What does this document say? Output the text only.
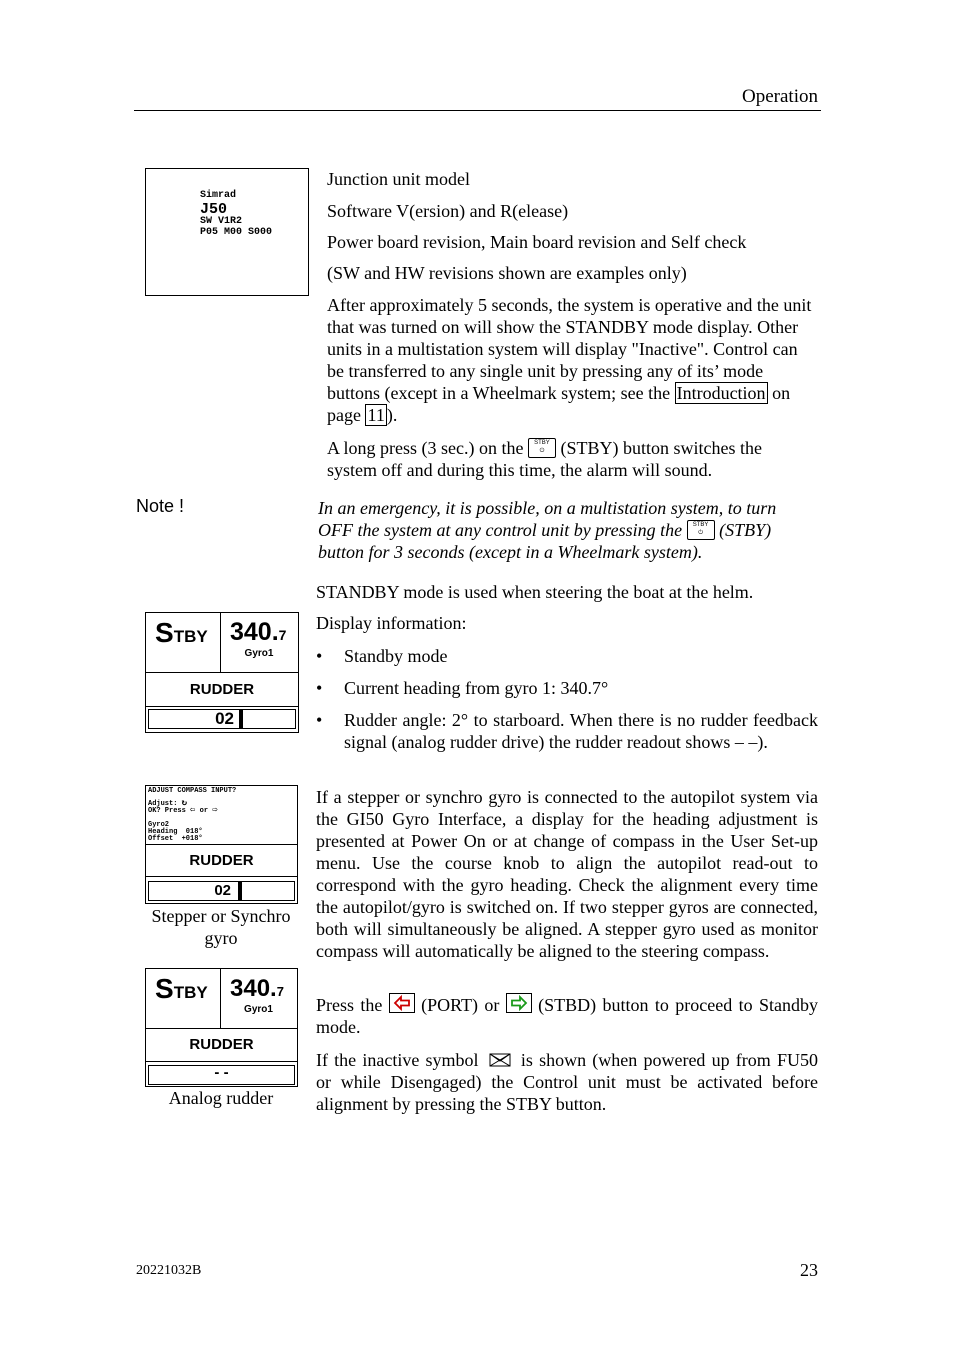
Operation
Simrad
J50
SW V1R2
P05 M00 S000

Junction unit model

Software V(ersion) and R(elease)

Power board revision, Main board revision and Self check

(SW and HW revisions shown are examples only)

After approximately 5 seconds, the system is operative and the unit that was turned on will show the STANDBY mode display. Other units in a multistation system will display "Inactive". Control can be transferred to any single unit by pressing any of its’ mode buttons (except in a Wheelmark system; see the Introduction on page 11 ).

A long press (3 sec.) on the STBY
⏻ (STBY) button switches the system off and during this time, the alarm will sound.

Note !	In an emergency, it is possible, on a multistation system, to turn OFF the system at any control unit by pressing the STBY
⏻ (STBY) button for 3 seconds (except in a Wheelmark system).

STANDBY mode is used when steering the boat at the helm.

Display information:

• Standby mode
• Current heading from gyro 1: 340.7°
• Rudder angle: 2° to starboard. When there is no rudder feedback signal (analog rudder drive) the rudder readout shows – –).
STBY 340.7
Gyro1
RUDDER
02
ADJUST COMPASS INPUT?
Adjust: ↻
OK? Press ⇦ or ⇨
Gyro2
Heading  018°
Offset  +018°
RUDDER
02
Stepper or Synchro gyro
STBY 340.7
Gyro1
RUDDER
- -
Analog rudder

If a stepper or synchro gyro is connected to the autopilot system via the GI50 Gyro Interface, a display for the heading adjustment is presented at Power On or at change of compass in the User Set-up menu. Use the course knob to align the autopilot read-out to correspond with the gyro heading. Check the alignment every time the autopilot/gyro is switched on. If two stepper gyros are connected, both will simultaneously be aligned. A stepper gyro used as monitor compass will automatically be aligned to the steering compass.

Press the (PORT) or (STBD) button to proceed to Standby mode.

If the inactive symbol is shown (when powered up from FU50 or while Disengaged) the Control unit must be activated before alignment by pressing the STBY button.

20221032B	23
